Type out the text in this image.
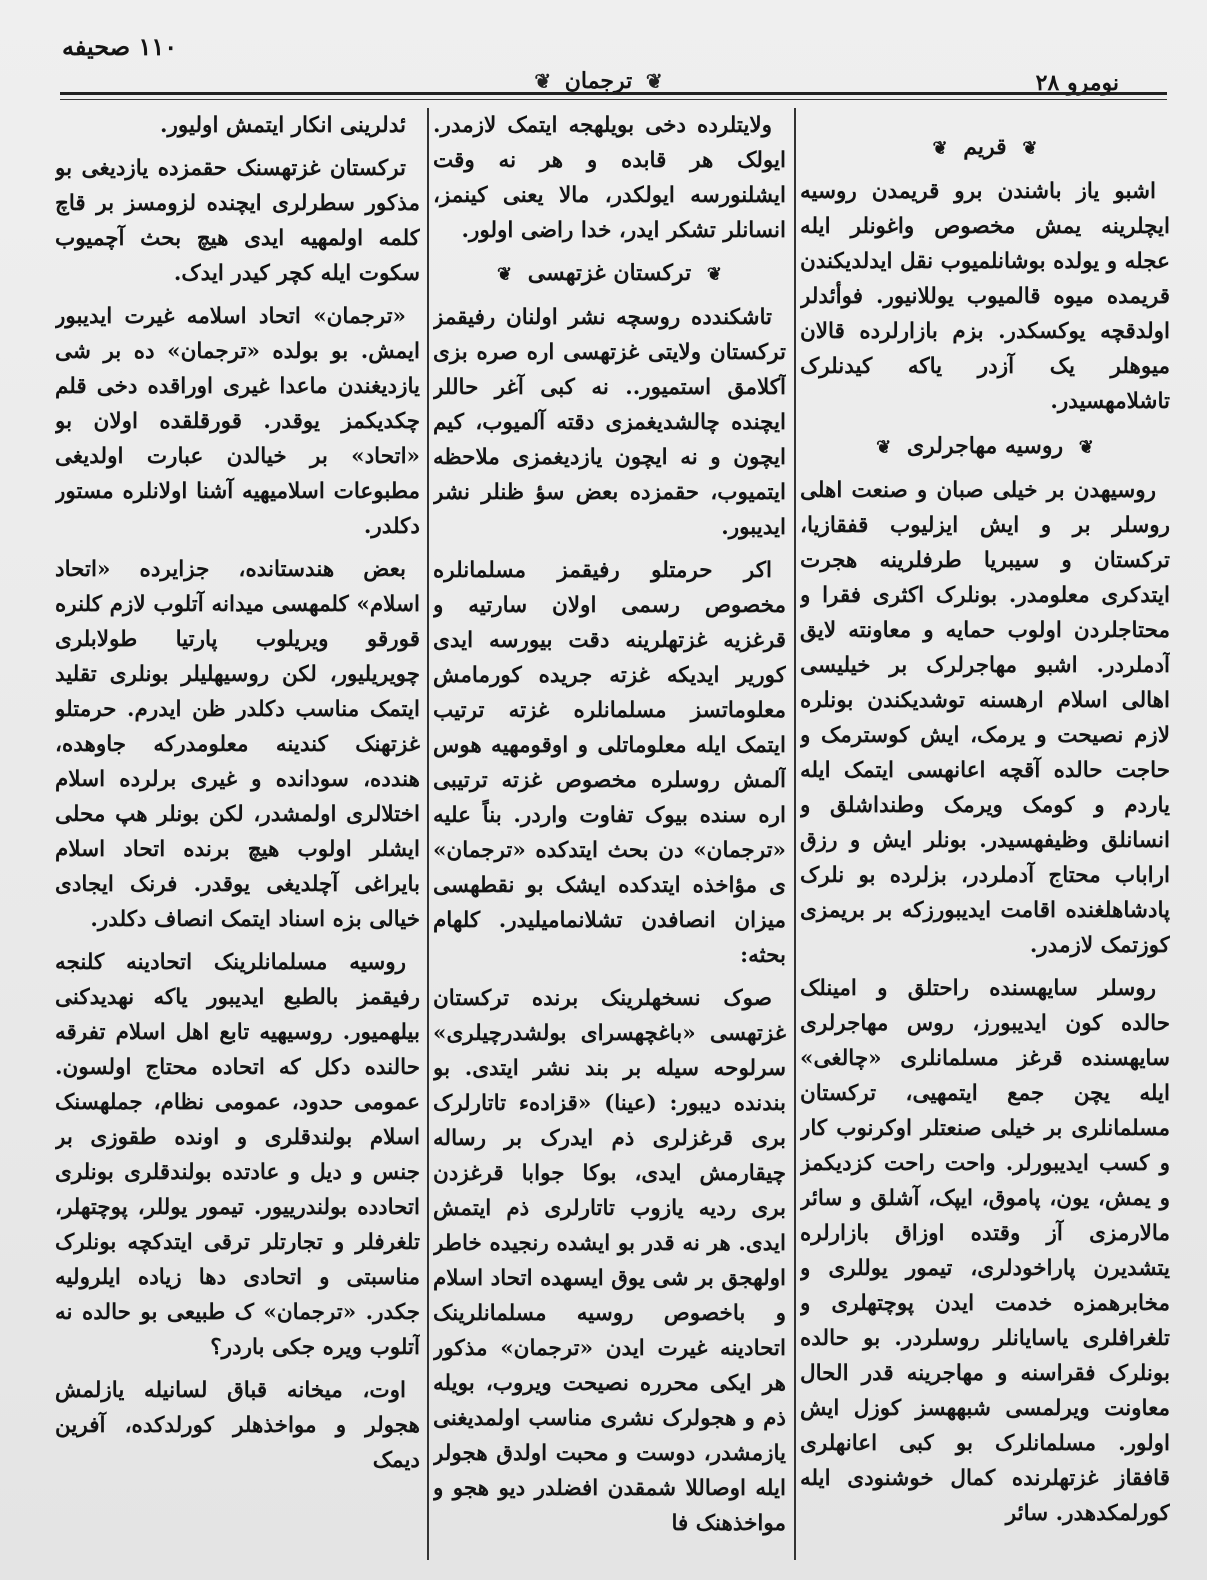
نومرو ۲۸
❦ ترجمان ❦
۱۱۰ صحیفه
❦ قریم ❦

اشبو یاز باشندن برو قریمدن روسیه ایچلرینه یمش مخصوص واغونلر ایله عجله و یولده بوشانلمیوب نقل ایدلدیکندن قریمده میوه قالمیوب یوللانیور. فوأئدلر اولدقچه یوکسکدر. بزم بازارلرده قالان میوهلر یک آزدر یاکه کیدنلرک تاشلامهسیدر.

❦ روسیه مهاجرلری ❦

روسیهدن بر خیلی صبان و صنعت اهلی روسلر بر و ایش ایزلیوب قفقازیا، ترکستان و سیبریا طرفلرینه هجرت ایتدکری معلومدر. بونلرک اکثری فقرا و محتاجلردن اولوب حمایه و معاونته لایق آدملردر. اشبو مهاجرلرک بر خیلیسی اهالی اسلام ارهسنه توشدیکندن بونلره لازم نصیحت و یرمک، ایش کوسترمک و حاجت حالده آقچه اعانهسی ایتمک ایله یاردم و کومک ویرمک وطنداشلق و انسانلق وظیفهسیدر. بونلر ایش و رزق اراباب محتاج آدملردر، بزلرده بو نلرک پادشاهلغنده اقامت ایدیبورزکه بر بریمزی کوزتمک لازمدر.

روسلر سایهسنده راحتلق و امینلک حالده کون ایدیبورز، روس مهاجرلری سایهسنده قرغز مسلمانلری «چالغی» ایله یچن جمع ایتمهیی، ترکستان مسلمانلری بر خیلی صنعتلر اوکرنوب کار و کسب ایدیبورلر. واحت راحت کزدیکمز و یمش، یون، پاموق، ایپک، آشلق و سائر مالارمزی آز وقتده اوزاق بازارلره یتشدیرن پاراخودلری، تیمور یوللری و مخابرهمزه خدمت ایدن پوچتهلری و تلغرافلری یاسایانلر روسلردر. بو حالده بونلرک فقراسنه و مهاجرینه قدر الحال معاونت ویرلمسی شبههسز کوزل ایش اولور. مسلمانلرک بو کبی اعانهلری قافقاز غزتهلرنده کمال خوشنودی ایله کورلمکدهدر. سائر

ولایتلرده دخی بویلهجه ایتمک لازمدر. ایولک هر قابده و هر نه وقت ایشلنورسه ایولکدر، مالا یعنی کینمز، انسانلر تشکر ایدر، خدا راضی اولور.

❦ ترکستان غزتهسی ❦

تاشکندده روسچه نشر اولنان رفیقمز ترکستان ولایتی غزتهسی اره صره بزی آکلامق استمیور.. نه کبی آغر حاللر ایچنده چالشدیغمزی دقته آلمیوب، کیم ایچون و نه ایچون یازدیغمزی ملاحظه ایتمیوب، حقمزده بعض سؤ ظنلر نشر ایدیبور.

اکر حرمتلو رفیقمز مسلمانلره مخصوص رسمی اولان سارتیه و قرغزیه غزتهلرینه دقت بیورسه ایدی کوریر ایدیکه غزته جریده کورمامش معلوماتسز مسلمانلره غزته ترتیب ایتمک ایله معلوماتلی و اوقومهیه هوس آلمش روسلره مخصوص غزته ترتیبی اره سنده بیوک تفاوت واردر. بناً علیه «ترجمان» دن بحث ایتدکده «ترجمان» ی مؤاخذه ایتدکده ایشک بو نقطهسی میزان انصافدن تشلانمامیلیدر. کلهام بحثه:

صوک نسخهلرینک برنده ترکستان غزتهسی «باغچهسرای بولشدرچیلری» سرلوحه سیله بر بند نشر ایتدی. بو بندنده دیبور: (عینا) «قزادهء تاتارلرک بری قرغزلری ذم ایدرک بر رساله چیقارمش ایدی، بوکا جوابا قرغزدن بری ردیه یازوب تاتارلری ذم ایتمش ایدی. هر نه قدر بو ایشده رنجیده خاطر اولهجق بر شی یوق ایسهده اتحاد اسلام و باخصوص روسیه مسلمانلرینک اتحادینه غیرت ایدن «ترجمان» مذکور هر ایکی محرره نصیحت ویروب، بویله ذم و هجولرک نشری مناسب اولمدیغنی یازمشدر، دوست و محبت اولدق هجولر ایله اوصاللا شمقدن افضلدر دیو هجو و مواخذهنک فا

ئدلرینی انکار ایتمش اولیور.

ترکستان غزتهسنک حقمزده یازدیغی بو مذکور سطرلری ایچنده لزومسز بر قاچ کلمه اولمهیه ایدی هیچ بحث آچمیوب سکوت ایله کچر کیدر ایدک.

«ترجمان» اتحاد اسلامه غیرت ایدیبور ایمش. بو بولده «ترجمان» ده بر شی یازدیغندن ماعدا غیری اوراقده دخی قلم چکدیکمز یوقدر. قورقلقده اولان بو «اتحاد» بر خیالدن عبارت اولدیغی مطبوعات اسلامیهیه آشنا اولانلره مستور دکلدر.

بعض هندستانده، جزایرده «اتحاد اسلام» کلمهسی میدانه آتلوب لازم کلنره قورقو ویریلوب پارتیا طولابلری چویریلیور، لکن روسیهلیلر بونلری تقلید ایتمک مناسب دکلدر ظن ایدرم. حرمتلو غزتهنک کندینه معلومدرکه جاوهده، هندده، سودانده و غیری برلرده اسلام اختلالری اولمشدر، لکن بونلر هپ محلی ایشلر اولوب هیچ برنده اتحاد اسلام بایراغی آچلدیغی یوقدر. فرنک ایجادی خیالی بزه اسناد ایتمک انصاف دکلدر.

روسیه مسلمانلرینک اتحادینه کلنجه رفیقمز بالطبع ایدیبور یاکه نهدیدکنی بیلهمیور. روسیهیه تابع اهل اسلام تفرقه حالنده دکل که اتحاده محتاج اولسون. عمومی حدود، عمومی نظام، جملهسنک اسلام بولندقلری و اونده طقوزی بر جنس و دیل و عادتده بولندقلری بونلری اتحادده بولندرییور. تیمور یوللر، پوچتهلر، تلغرفلر و تجارتلر ترقی ایتدکچه بونلرک مناسبتی و اتحادی دها زیاده ایلرولیه جکدر. «ترجمان» ک طبیعی بو حالده نه آتلوب ویره جکی باردر؟

اوت، میخانه قباق لسانیله یازلمش هجولر و مواخذهلر کورلدکده، آفرین دیمک
